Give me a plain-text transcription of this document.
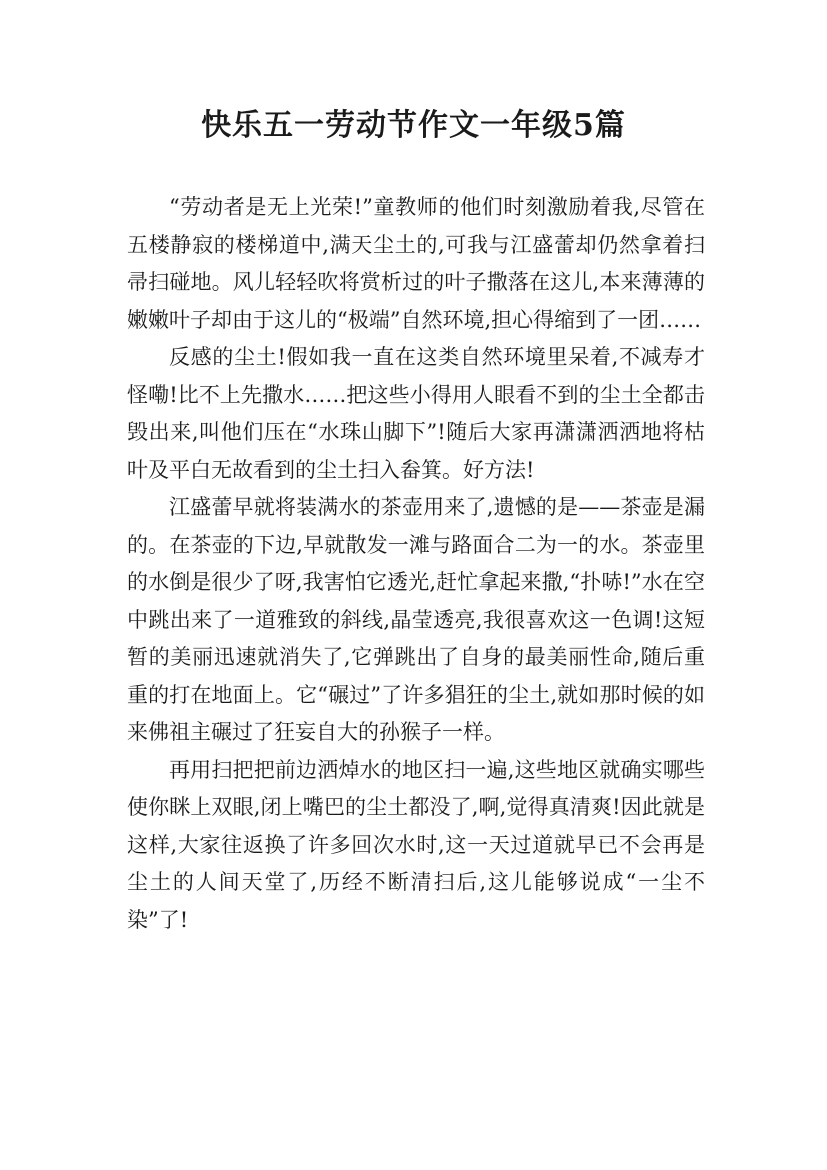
快乐五一劳动节作文一年级5篇

“劳动者是无上光荣!”童教师的他们时刻激励着我,尽管在五楼静寂的楼梯道中,满天尘土的,可我与江盛蕾却仍然拿着扫帚扫碰地。风儿轻轻吹将赏析过的叶子撒落在这儿,本来薄薄的嫩嫩叶子却由于这儿的“极端”自然环境,担心得缩到了一团……

反感的尘土!假如我一直在这类自然环境里呆着,不减寿才怪嘞!比不上先撒水……把这些小得用人眼看不到的尘土全都击毁出来,叫他们压在“水珠山脚下”!随后大家再潇潇洒洒地将枯叶及平白无故看到的尘土扫入畚箕。好方法!

江盛蕾早就将装满水的茶壶用来了,遗憾的是——茶壶是漏的。在茶壶的下边,早就散发一滩与路面合二为一的水。茶壶里的水倒是很少了呀,我害怕它透光,赶忙拿起来撒,“扑哧!”水在空中跳出来了一道雅致的斜线,晶莹透亮,我很喜欢这一色调!这短暂的美丽迅速就消失了,它弹跳出了自身的最美丽性命,随后重重的打在地面上。它“碾过”了许多猖狂的尘土,就如那时候的如来佛祖主碾过了狂妄自大的孙猴子一样。

再用扫把把前边洒焯水的地区扫一遍,这些地区就确实哪些使你眯上双眼,闭上嘴巴的尘土都没了,啊,觉得真清爽!因此就是这样,大家往返换了许多回次水时,这一天过道就早已不会再是尘土的人间天堂了,历经不断清扫后,这儿能够说成“一尘不染”了!
